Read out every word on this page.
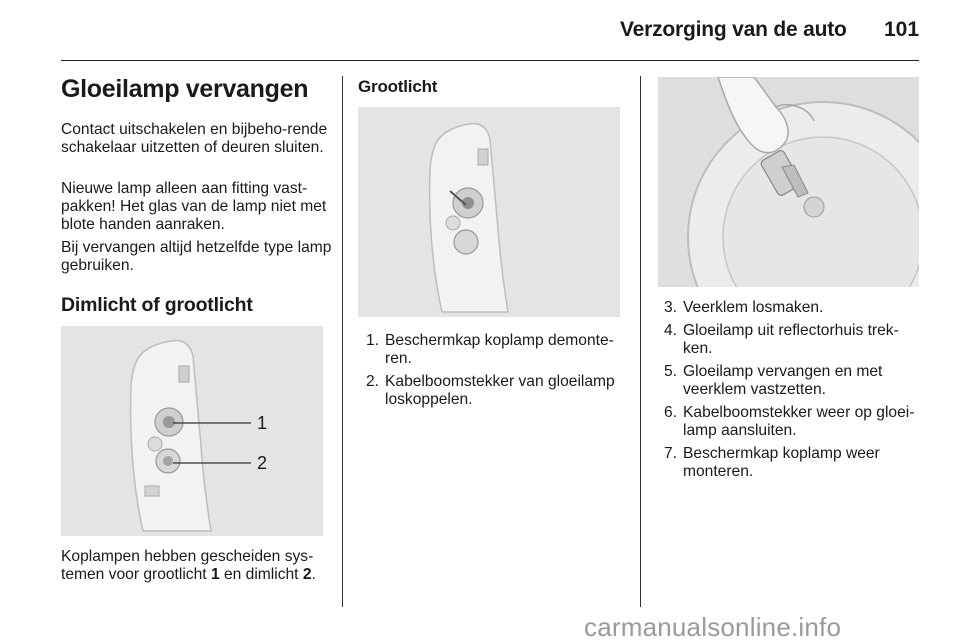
Verzorging van de auto 101
Gloeilamp vervangen

Contact uitschakelen en bijbeho-rende schakelaar uitzetten of deuren sluiten.

Nieuwe lamp alleen aan fitting vast-pakken! Het glas van de lamp niet met blote handen aanraken.

Bij vervangen altijd hetzelfde type lamp gebruiken.

Dimlicht of grootlicht
1
2

Koplampen hebben gescheiden sys-temen voor grootlicht 1 en dimlicht 2.

Grootlicht
1. Beschermkap koplamp demonte-ren.
2. Kabelboomstekker van gloeilamp loskoppelen.
3. Veerklem losmaken.
4. Gloeilamp uit reflectorhuis trek-ken.
5. Gloeilamp vervangen en met veerklem vastzetten.
6. Kabelboomstekker weer op gloei-lamp aansluiten.
7. Beschermkap koplamp weer monteren.
carmanualsonline.info
